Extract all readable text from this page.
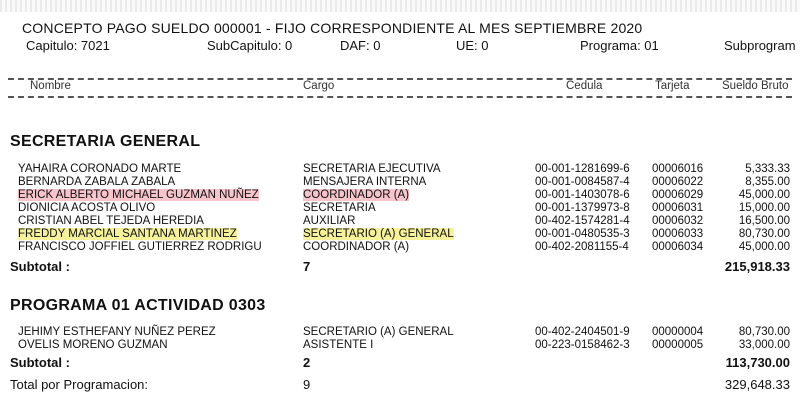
CONCEPTO PAGO SUELDO 000001 - FIJO CORRESPONDIENTE AL MES SEPTIEMBRE 2020
Capitulo: 7021	SubCapitulo: 0	DAF: 0	UE: 0	Programa: 01	Subprogram
Nombre	Cargo	Cedula	Tarjeta	Sueldo Bruto
SECRETARIA GENERAL
YAHAIRA CORONADO MARTE	SECRETARIA EJECUTIVA	00-001-1281699-6 00006016	5,333.33
BERNARDA ZABALA ZABALA	MENSAJERA INTERNA	00-001-0084587-4 00006022	8,355.00
ERICK ALBERTO MICHAEL GUZMAN NUÑEZ	COORDINADOR (A)	00-001-1403078-6 00006029	45,000.00
DIONICIA ACOSTA OLIVO	SECRETARIA	00-001-1379973-8 00006031	15,000.00
CRISTIAN ABEL TEJEDA HEREDIA	AUXILIAR	00-402-1574281-4 00006032	16,500.00
FREDDY MARCIAL SANTANA MARTINEZ	SECRETARIO (A) GENERAL	00-001-0480535-3 00006033	80,730.00
FRANCISCO JOFFIEL GUTIERREZ RODRIGU	COORDINADOR (A)	00-402-2081155-4 00006034	45,000.00
Subtotal :	7	215,918.33
PROGRAMA 01 ACTIVIDAD 0303
JEHIMY ESTHEFANY NUÑEZ PEREZ	SECRETARIO (A) GENERAL	00-402-2404501-9 00000004	80,730.00
OVELIS MORENO GUZMAN	ASISTENTE I	00-223-0158462-3 00000005	33,000.00
Subtotal :	2	113,730.00
Total por Programacion:	9	329,648.33
